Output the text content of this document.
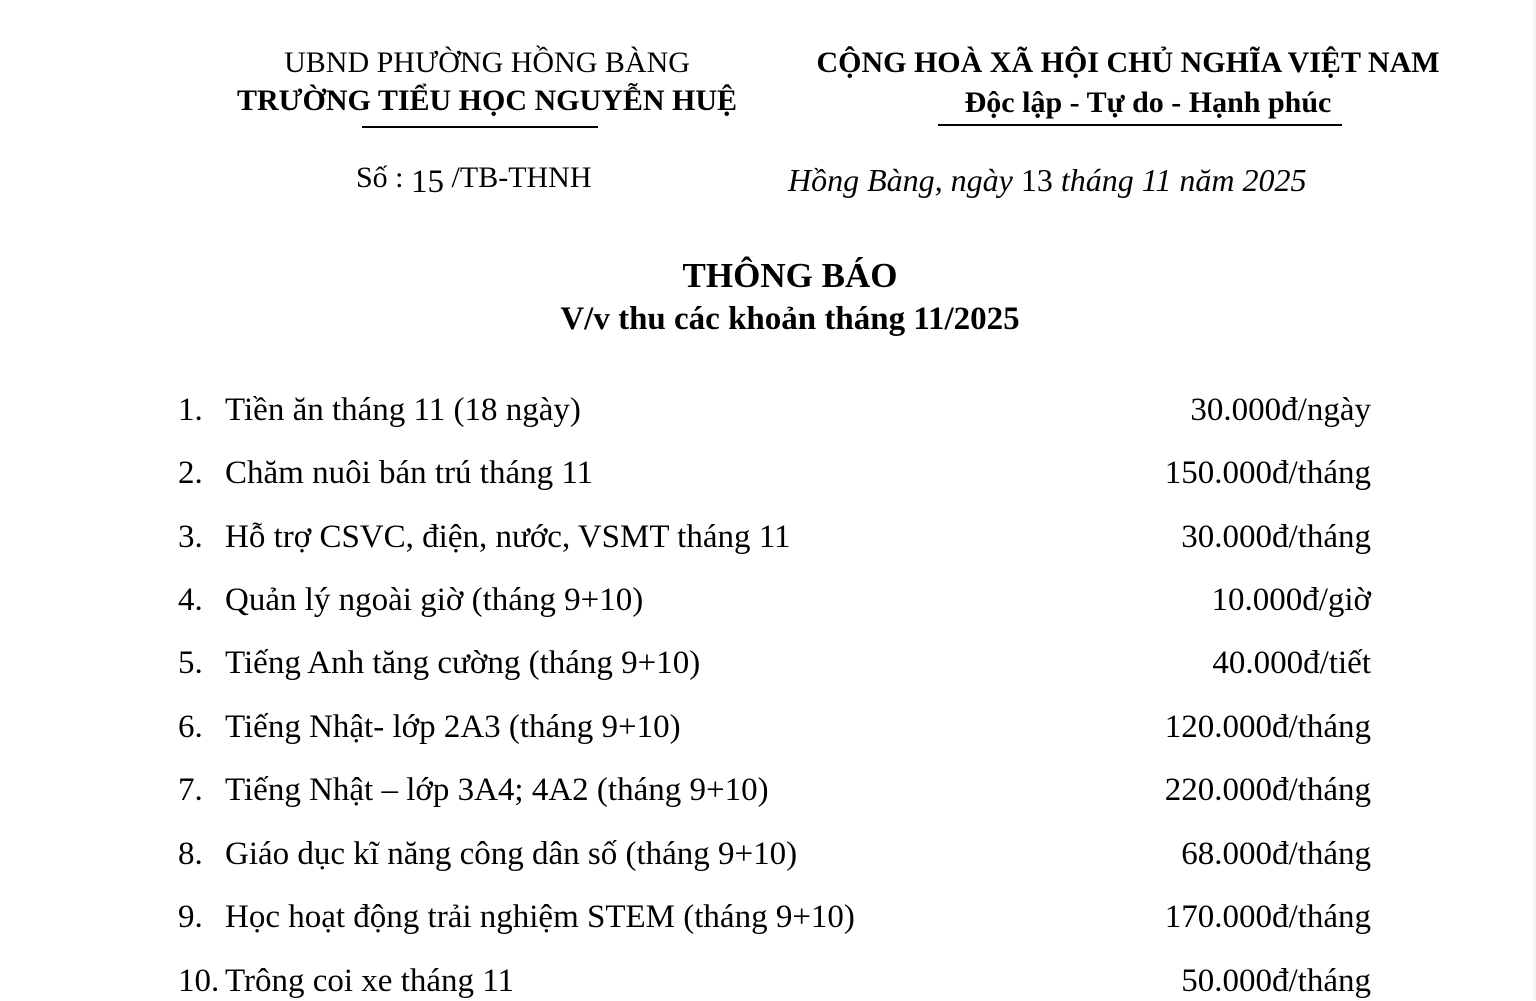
UBND PHƯỜNG HỒNG BÀNG
TRƯỜNG TIỂU HỌC NGUYỄN HUỆ
CỘNG HOÀ XÃ HỘI CHỦ NGHĨA VIỆT NAM
Độc lập - Tự do - Hạnh phúc
Số : 15 /TB-THNH	Hồng Bàng, ngày 13 tháng 11 năm 2025
THÔNG BÁO
V/v thu các khoản tháng 11/2025
1. Tiền ăn tháng 11 (18 ngày)	30.000đ/ngày
2. Chăm nuôi bán trú tháng 11	150.000đ/tháng
3. Hỗ trợ CSVC, điện, nước, VSMT tháng 11	30.000đ/tháng
4. Quản lý ngoài giờ (tháng 9+10)	10.000đ/giờ
5. Tiếng Anh tăng cường (tháng 9+10)	40.000đ/tiết
6. Tiếng Nhật- lớp 2A3 (tháng 9+10)	120.000đ/tháng
7. Tiếng Nhật – lớp 3A4; 4A2 (tháng 9+10)	220.000đ/tháng
8. Giáo dục kĩ năng công dân số (tháng 9+10)	68.000đ/tháng
9. Học hoạt động trải nghiệm STEM (tháng 9+10)	170.000đ/tháng
10. Trông coi xe tháng 11	50.000đ/tháng
